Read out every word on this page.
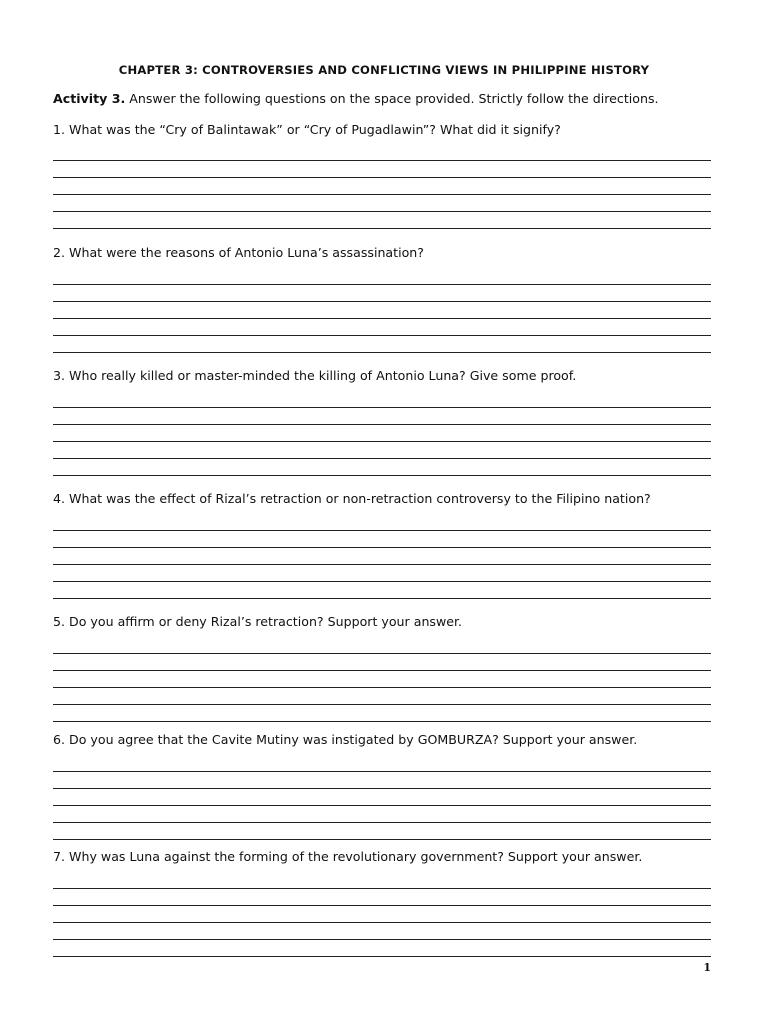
CHAPTER 3: CONTROVERSIES AND CONFLICTING VIEWS IN PHILIPPINE HISTORY
Activity 3. Answer the following questions on the space provided. Strictly follow the directions.
1. What was the “Cry of Balintawak” or “Cry of Pugadlawin”? What did it signify?
2. What were the reasons of Antonio Luna’s assassination?
3. Who really killed or master-minded the killing of Antonio Luna? Give some proof.
4. What was the effect of Rizal’s retraction or non-retraction controversy to the Filipino nation?
5. Do you affirm or deny Rizal’s retraction? Support your answer.
6. Do you agree that the Cavite Mutiny was instigated by GOMBURZA? Support your answer.
7. Why was Luna against the forming of the revolutionary government? Support your answer.
1
